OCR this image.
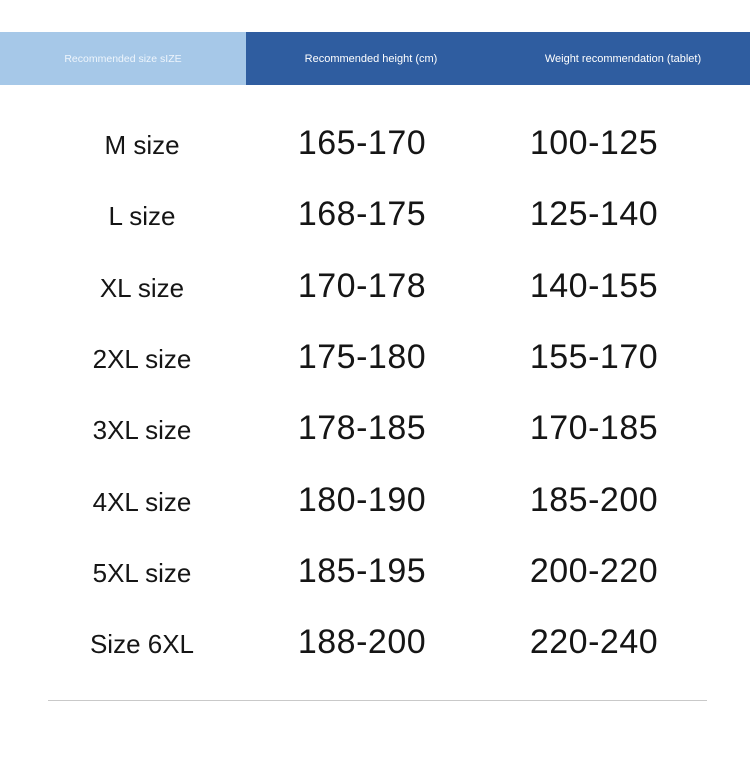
Recommended size sIZE	Recommended height (cm)	Weight recommendation (tablet)
M size	165-170	100-125
L size	168-175	125-140
XL size	170-178	140-155
2XL size	175-180	155-170
3XL size	178-185	170-185
4XL size	180-190	185-200
5XL size	185-195	200-220
Size 6XL	188-200	220-240
